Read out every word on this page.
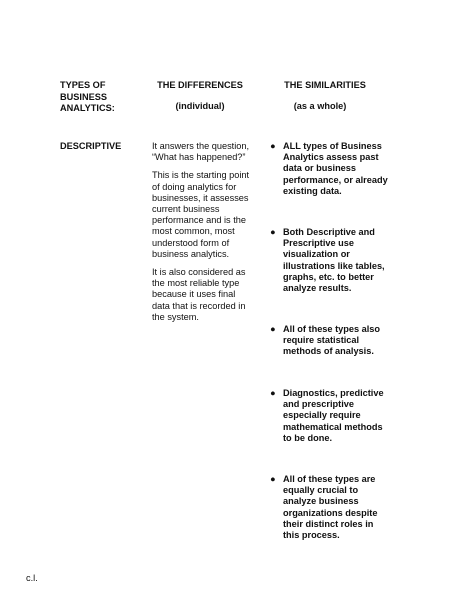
TYPES OF
BUSINESS
ANALYTICS:
THE DIFFERENCES
(individual)
THE SIMILARITIES
(as a whole)
DESCRIPTIVE	It answers the question,
“What has happened?”

This is the starting point
of doing analytics for
businesses, it assesses
current business
performance and is the
most common, most
understood form of
business analytics.

It is also considered as
the most reliable type
because it uses final
data that is recorded in
the system.

● ALL types of Business
Analytics assess past
data or business
performance, or already
existing data.
● Both Descriptive and
Prescriptive use
visualization or
illustrations like tables,
graphs, etc. to better
analyze results.
● All of these types also
require statistical
methods of analysis.
● Diagnostics, predictive
and prescriptive
especially require
mathematical methods
to be done.
● All of these types are
equally crucial to
analyze business
organizations despite
their distinct roles in
this process.
c.l.
